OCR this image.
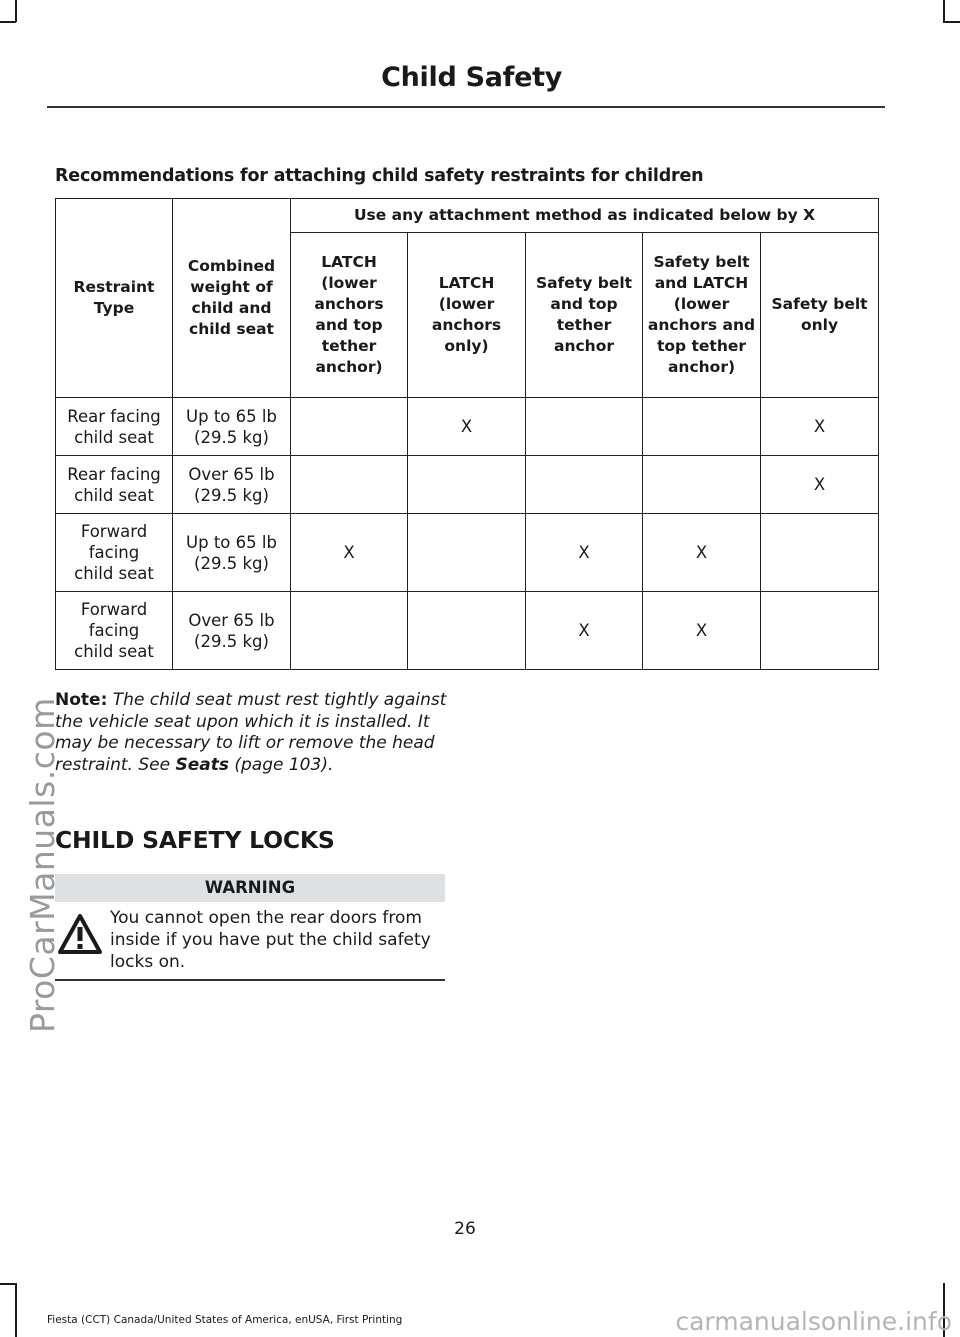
Child Safety
Recommendations for attaching child safety restraints for children
Restraint Type	Combined weight of child and child seat	Use any attachment method as indicated below by X				
		LATCH (lower anchors and top tether anchor)	LATCH (lower anchors only)	Safety belt and top tether anchor	Safety belt and LATCH (lower anchors and top tether anchor)	Safety belt only
Rear facing child seat	Up to 65 lb (29.5 kg)		X			X
Rear facing child seat	Over 65 lb (29.5 kg)					X
Forward facing child seat	Up to 65 lb (29.5 kg)	X		X	X	
Forward facing child seat	Over 65 lb (29.5 kg)			X	X	
Note: The child seat must rest tightly against the vehicle seat upon which it is installed. It may be necessary to lift or remove the head restraint. See Seats (page 103).
CHILD SAFETY LOCKS
WARNING
You cannot open the rear doors from inside if you have put the child safety locks on.
26
Fiesta (CCT) Canada/United States of America, enUSA, First Printing
ProCarManuals.com
carmanualsonline.info
